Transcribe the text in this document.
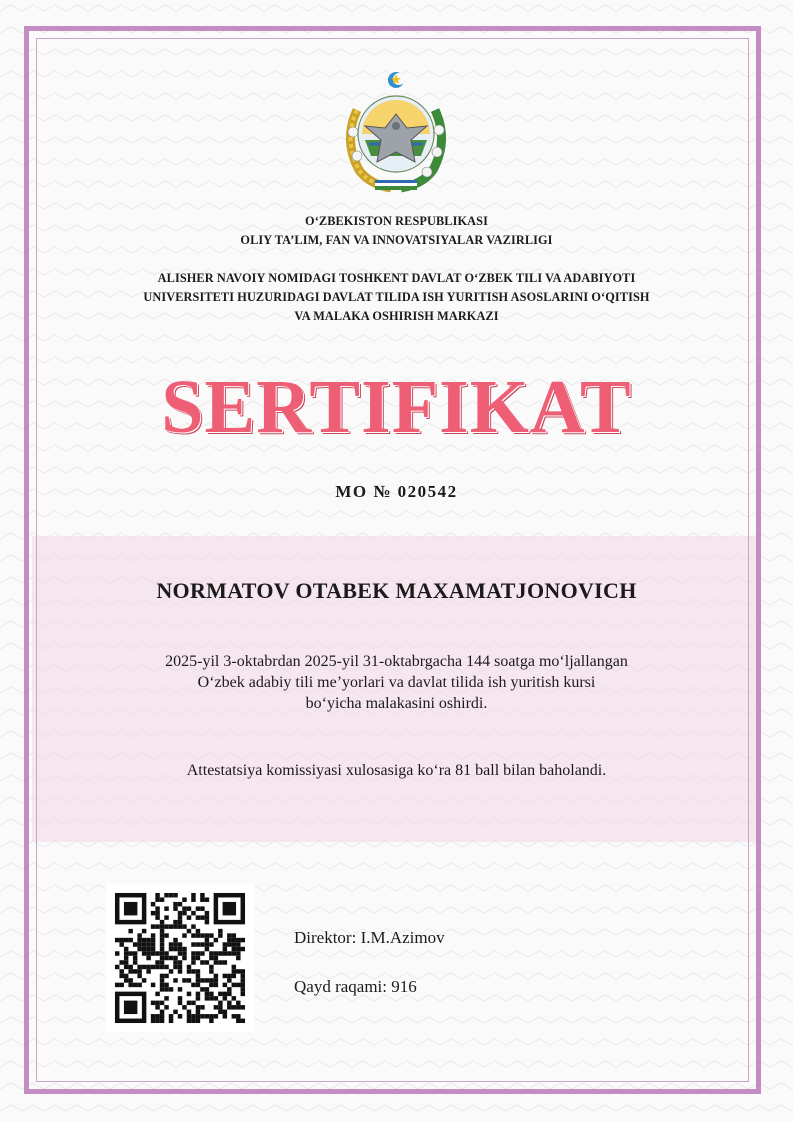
O‘ZBEKISTON RESPUBLIKASI
OLIY TA’LIM, FAN VA INNOVATSIYALAR VAZIRLIGI
ALISHER NAVOIY NOMIDAGI TOSHKENT DAVLAT O‘ZBEK TILI VA ADABIYOTI
UNIVERSITETI HUZURIDAGI DAVLAT TILIDA ISH YURITISH ASOSLARINI O‘QITISH
VA MALAKA OSHIRISH MARKAZI
SERTIFIKAT
MO № 020542
NORMATOV OTABEK MAXAMATJONOVICH
2025-yil 3-oktabrdan 2025-yil 31-oktabrgacha 144 soatga mo‘ljallangan
O‘zbek adabiy tili me’yorlari va davlat tilida ish yuritish kursi
bo‘yicha malakasini oshirdi.
Attestatsiya komissiyasi xulosasiga ko‘ra 81 ball bilan baholandi.
Direktor: I.M.Azimov
Qayd raqami: 916
